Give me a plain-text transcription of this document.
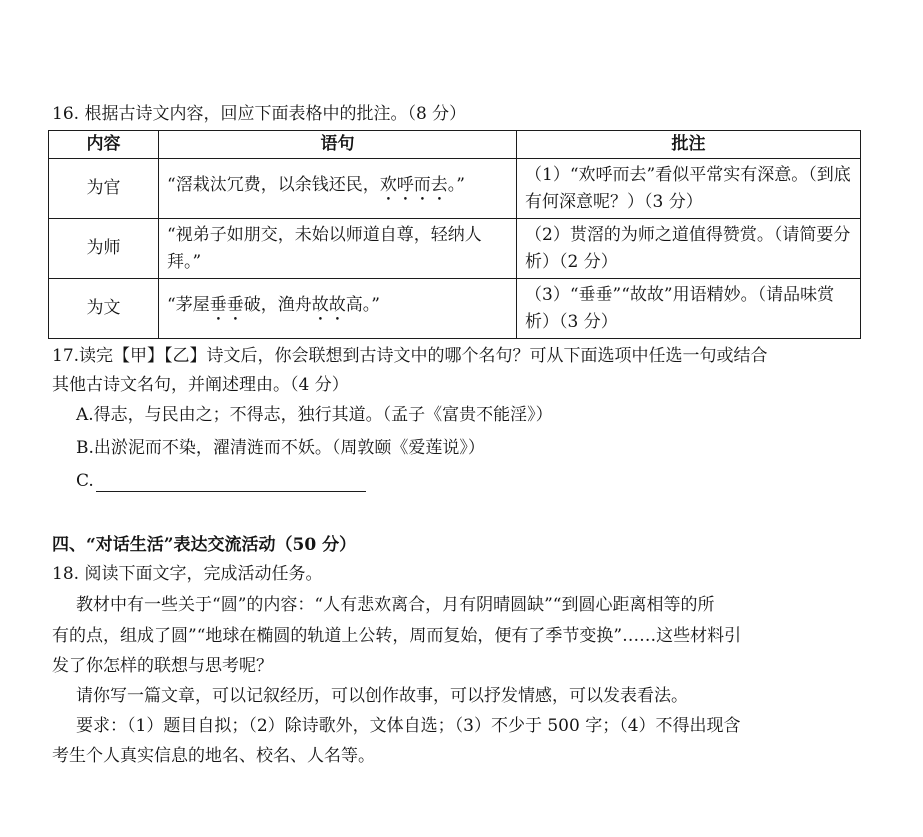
16. 根据古诗文内容，回应下面表格中的批注。（8 分）
内容	语句	批注
为官	“滘栽汰冗费，以余钱还民，欢呼而去。”	（1）“欢呼而去”看似平常实有深意。（到底有何深意呢？）（3 分）
为师	“视弟子如朋交，未始以师道自尊，轻纳人拜。”	（2）贳滘的为师之道值得赞赏。（请简要分析）（2 分）
为文	“茅屋垂垂破，渔舟故故高。”	（3）“垂垂”“故故”用语精妙。（请品味赏析）（3 分）
17.读完【甲】【乙】诗文后，你会联想到古诗文中的哪个名句？可从下面选项中任选一句或结合
其他古诗文名句，并阐述理由。（4 分）
A.得志，与民由之；不得志，独行其道。（孟子《富贵不能淫》）
B.出淤泥而不染，濯清涟而不妖。（周敦颐《爱莲说》）
C.
四、“对话生活”表达交流活动（50 分）
18. 阅读下面文字，完成活动任务。
教材中有一些关于“圆”的内容：“人有悲欢离合，月有阴晴圆缺”“到圆心距离相等的所
有的点，组成了圆”“地球在椭圆的轨道上公转，周而复始，便有了季节变换”……这些材料引
发了你怎样的联想与思考呢？
请你写一篇文章，可以记叙经历，可以创作故事，可以抒发情感，可以发表看法。
要求：（1）题目自拟；（2）除诗歌外，文体自选；（3）不少于 500 字；（4）不得出现含
考生个人真实信息的地名、校名、人名等。
